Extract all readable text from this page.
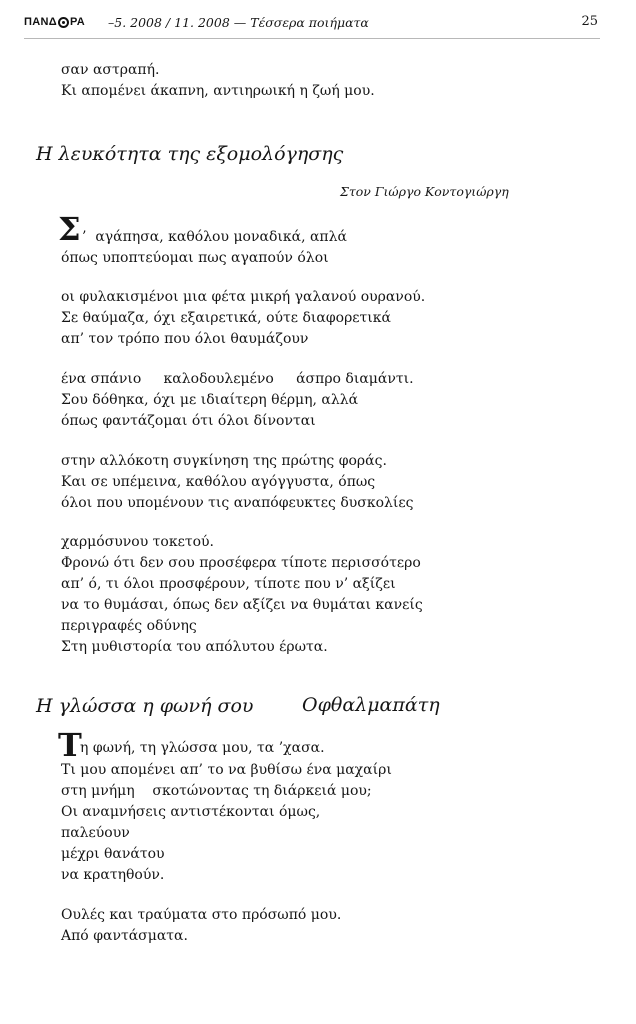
ΠΑΝΔ ΡΑ –5. 2008 / 11. 2008 — Τέσσερα ποιήματα	25
σαν αστραπή.
Κι απομένει άκαπνη, αντιηρωική η ζωή μου.
Η λευκότητα της εξομολόγησης
Στον Γιώργο Κοντογιώργη
Σ ’  αγάπησα, καθόλου μοναδικά, απλά
όπως υποπτεύομαι πως αγαπούν όλοι
οι φυλακισμένοι μια φέτα μικρή γαλανού ουρανού.
Σε θαύμαζα, όχι εξαιρετικά, ούτε διαφορετικά
απ’ τον τρόπο που όλοι θαυμάζουν
ένα σπάνιο     καλοδουλεμένο     άσπρο διαμάντι.
Σου δόθηκα, όχι με ιδιαίτερη θέρμη, αλλά
όπως φαντάζομαι ότι όλοι δίνονται
στην αλλόκοτη συγκίνηση της πρώτης φοράς.
Και σε υπέμεινα, καθόλου αγόγγυστα, όπως
όλοι που υπομένουν τις αναπόφευκτες δυσκολίες
χαρμόσυνου τοκετού.
Φρονώ ότι δεν σου προσέφερα τίποτε περισσότερο
απ’ ό, τι όλοι προσφέρουν, τίποτε που ν’ αξίζει
να το θυμάσαι, όπως δεν αξίζει να θυμάται κανείς
περιγραφές οδύνης
Στη μυθιστορία του απόλυτου έρωτα.
Η γλώσσα η φωνή σου	Οφθαλμαπάτη
Τ
η φωνή, τη γλώσσα μου, τα ’χασα.
Τι μου απομένει απ’ το να βυθίσω ένα μαχαίρι
στη μνήμη    σκοτώνοντας τη διάρκειά μου;
Οι αναμνήσεις αντιστέκονται όμως,
παλεύουν
μέχρι θανάτου
να κρατηθούν.
Ουλές και τραύματα στο πρόσωπό μου.
Από φαντάσματα.
